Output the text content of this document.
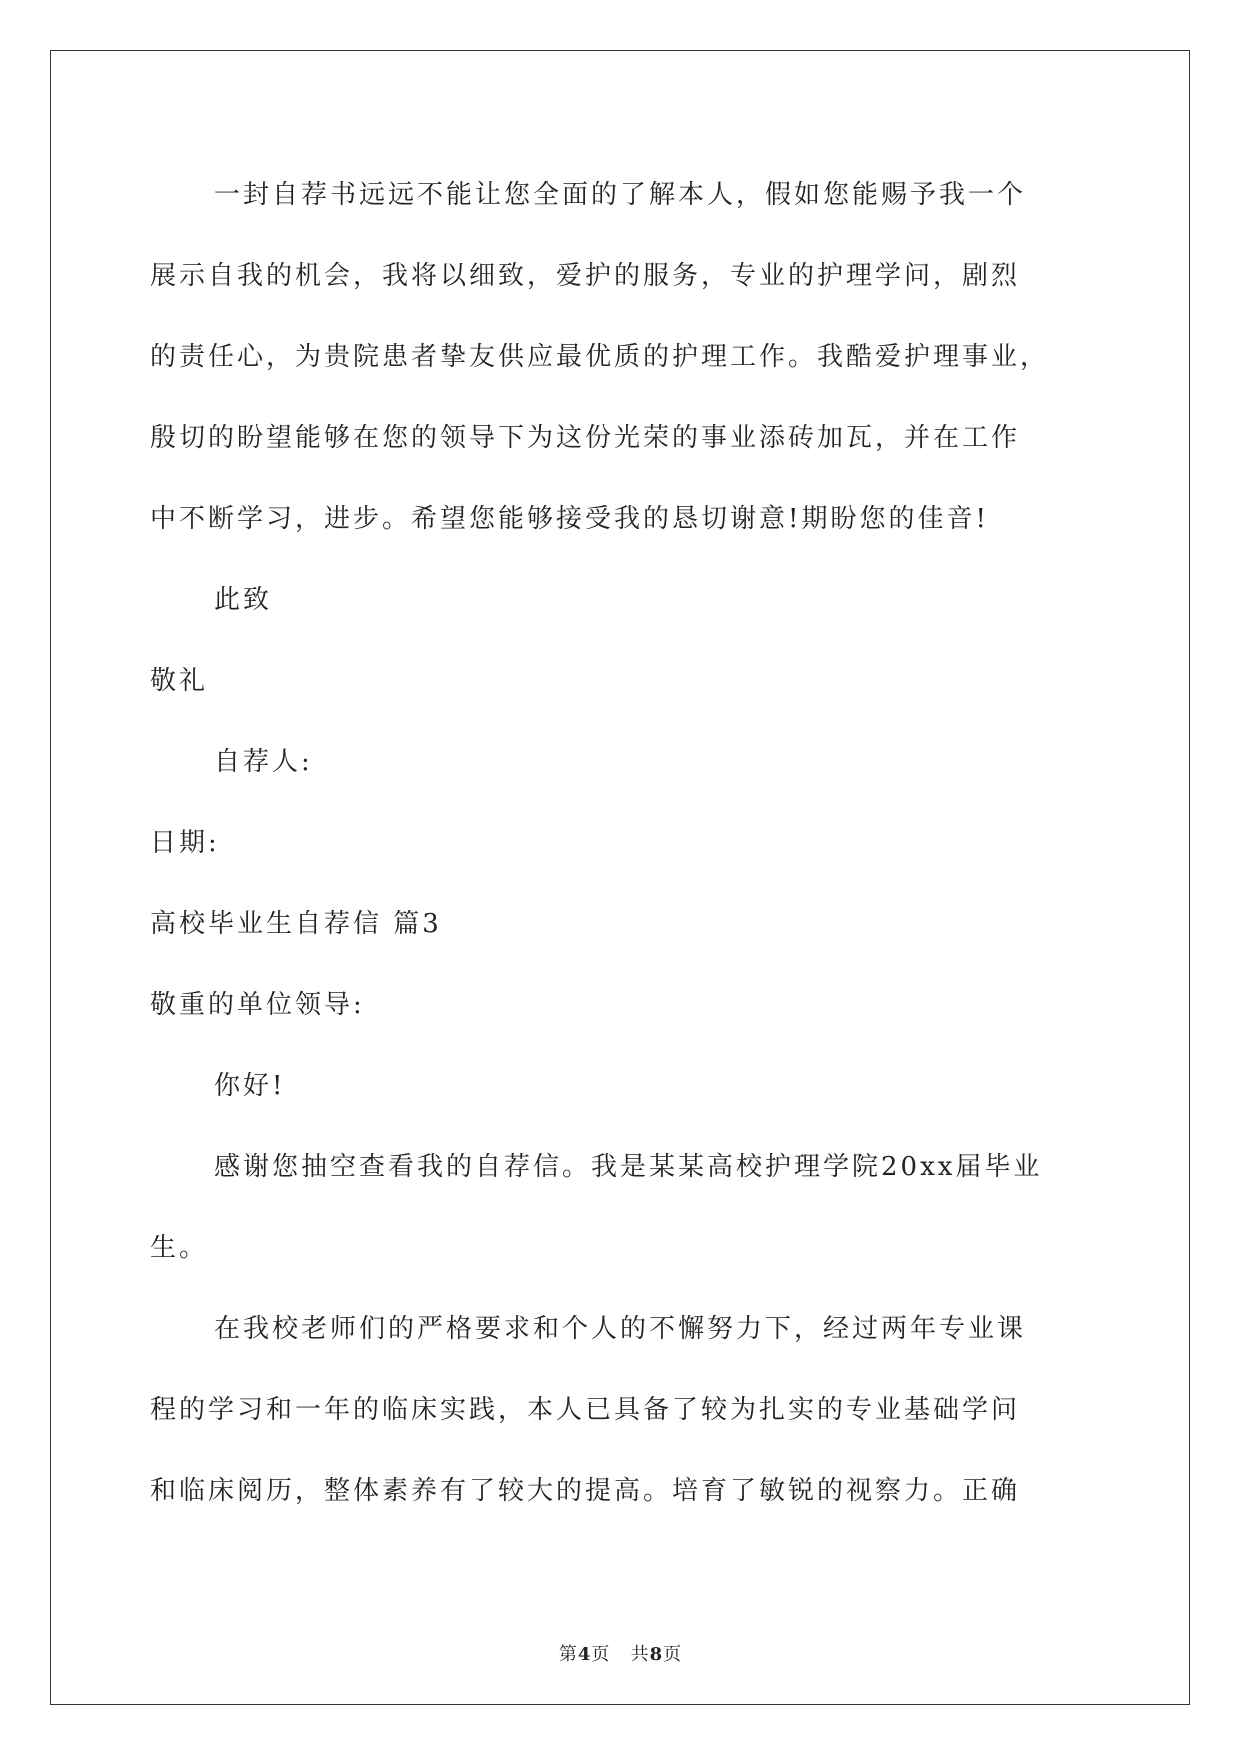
一封自荐书远远不能让您全面的了解本人，假如您能赐予我一个
展示自我的机会，我将以细致，爱护的服务，专业的护理学问，剧烈
的责任心，为贵院患者挚友供应最优质的护理工作。我酷爱护理事业，
殷切的盼望能够在您的领导下为这份光荣的事业添砖加瓦，并在工作
中不断学习，进步。希望您能够接受我的恳切谢意!期盼您的佳音!
此致
敬礼
自荐人:
日期:
高校毕业生自荐信 篇3
敬重的单位领导:
你好!
感谢您抽空查看我的自荐信。我是某某高校护理学院20xx届毕业
生。
在我校老师们的严格要求和个人的不懈努力下，经过两年专业课
程的学习和一年的临床实践，本人已具备了较为扎实的专业基础学问
和临床阅历，整体素养有了较大的提高。培育了敏锐的视察力。正确
第4页 共8页
